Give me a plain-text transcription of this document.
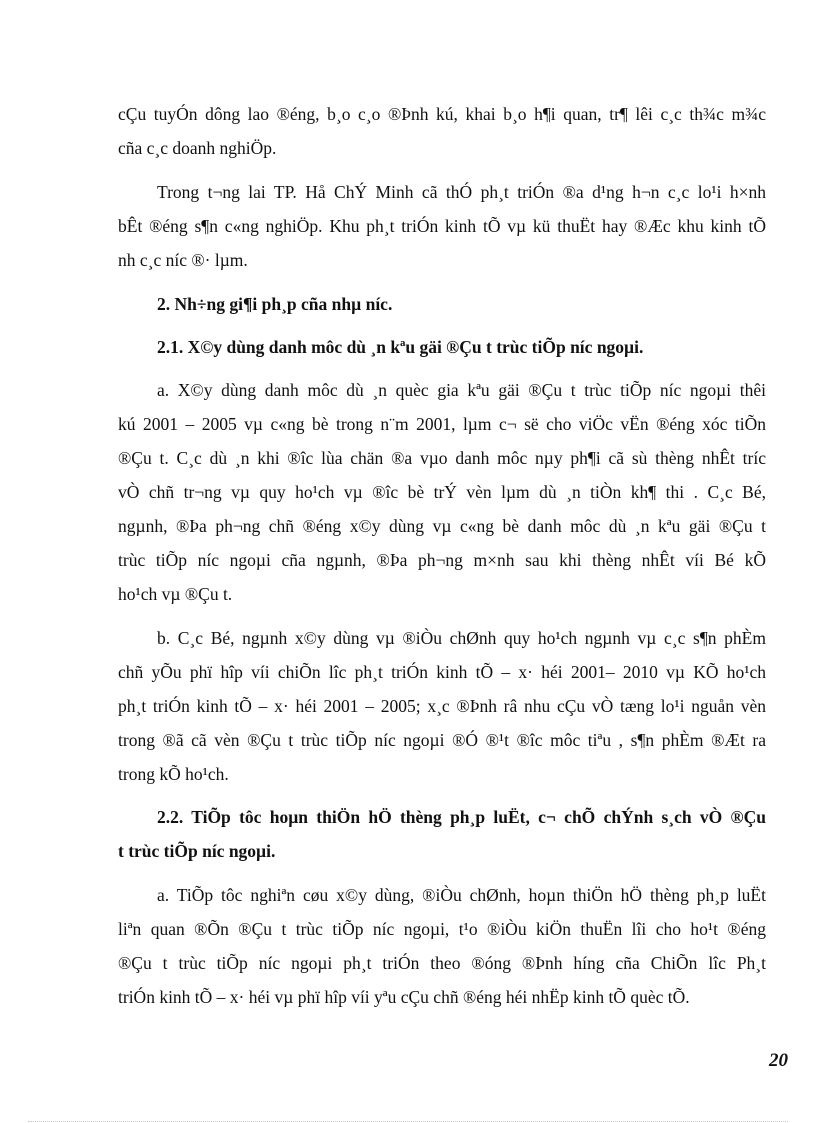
cÇu tuyÓn dông lao ®éng, b¸o c¸o ®Þnh kú, khai b¸o h¶i quan, tr¶ lêi c¸c th¾c m¾c
cña c¸c doanh nghiÖp.
Trong t¬ng lai TP. Hå ChÝ Minh cã thÓ ph¸t triÓn ®a d¹ng h¬n c¸c lo¹i h×nh
bÊt ®éng s¶n c«ng nghiÖp. Khu ph¸t triÓn kinh tÕ vµ kü thuËt hay ®Æc khu kinh tÕ
nh c¸c níc ®· lµm.
2. Nh÷ng gi¶i ph¸p cña nhµ níc.
2.1. X©y dùng danh môc dù ¸n kªu gäi ®Çu t trùc tiÕp níc ngoµi.
a. X©y dùng danh môc dù ¸n quèc gia kªu gäi ®Çu t trùc tiÕp níc ngoµi thêi
kú 2001 – 2005 vµ c«ng bè trong n¨m 2001, lµm c¬ së cho viÖc vËn ®éng xóc tiÕn
®Çu t. C¸c dù ¸n khi ®îc lùa chän ®a vµo danh môc nµy ph¶i cã sù thèng nhÊt tríc
vÒ chñ tr¬ng vµ quy ho¹ch vµ ®îc bè trÝ vèn lµm dù ¸n tiÒn kh¶ thi . C¸c Bé,
ngµnh, ®Þa ph¬ng chñ ®éng x©y dùng vµ c«ng bè danh môc dù ¸n kªu gäi ®Çu t
trùc tiÕp níc ngoµi cña ngµnh, ®Þa ph¬ng m×nh sau khi thèng nhÊt víi Bé kÕ
ho¹ch vµ ®Çu t.
b. C¸c Bé, ngµnh x©y dùng vµ ®iÒu chØnh quy ho¹ch ngµnh vµ c¸c s¶n phÈm
chñ yÕu phï hîp víi chiÕn lîc ph¸t triÓn kinh tÕ – x· héi 2001– 2010 vµ KÕ ho¹ch
ph¸t triÓn kinh tÕ – x· héi 2001 – 2005; x¸c ®Þnh râ nhu cÇu vÒ tæng lo¹i nguån vèn
trong ®ã cã vèn ®Çu t trùc tiÕp níc ngoµi ®Ó ®¹t ®îc môc tiªu , s¶n phÈm ®Æt ra
trong kÕ ho¹ch.
2.2. TiÕp tôc hoµn thiÖn hÖ thèng ph¸p luËt, c¬ chÕ chÝnh s¸ch vÒ ®Çu
t trùc tiÕp níc ngoµi.
a. TiÕp tôc nghiªn cøu x©y dùng, ®iÒu chØnh, hoµn thiÖn hÖ thèng ph¸p luËt
liªn quan ®Õn ®Çu t trùc tiÕp níc ngoµi, t¹o ®iÒu kiÖn thuËn lîi cho ho¹t ®éng
®Çu t trùc tiÕp níc ngoµi ph¸t triÓn theo ®óng ®Þnh híng cña ChiÕn lîc Ph¸t
triÓn kinh tÕ – x· héi vµ phï hîp víi yªu cÇu chñ ®éng héi nhËp kinh tÕ quèc tÕ.
20
